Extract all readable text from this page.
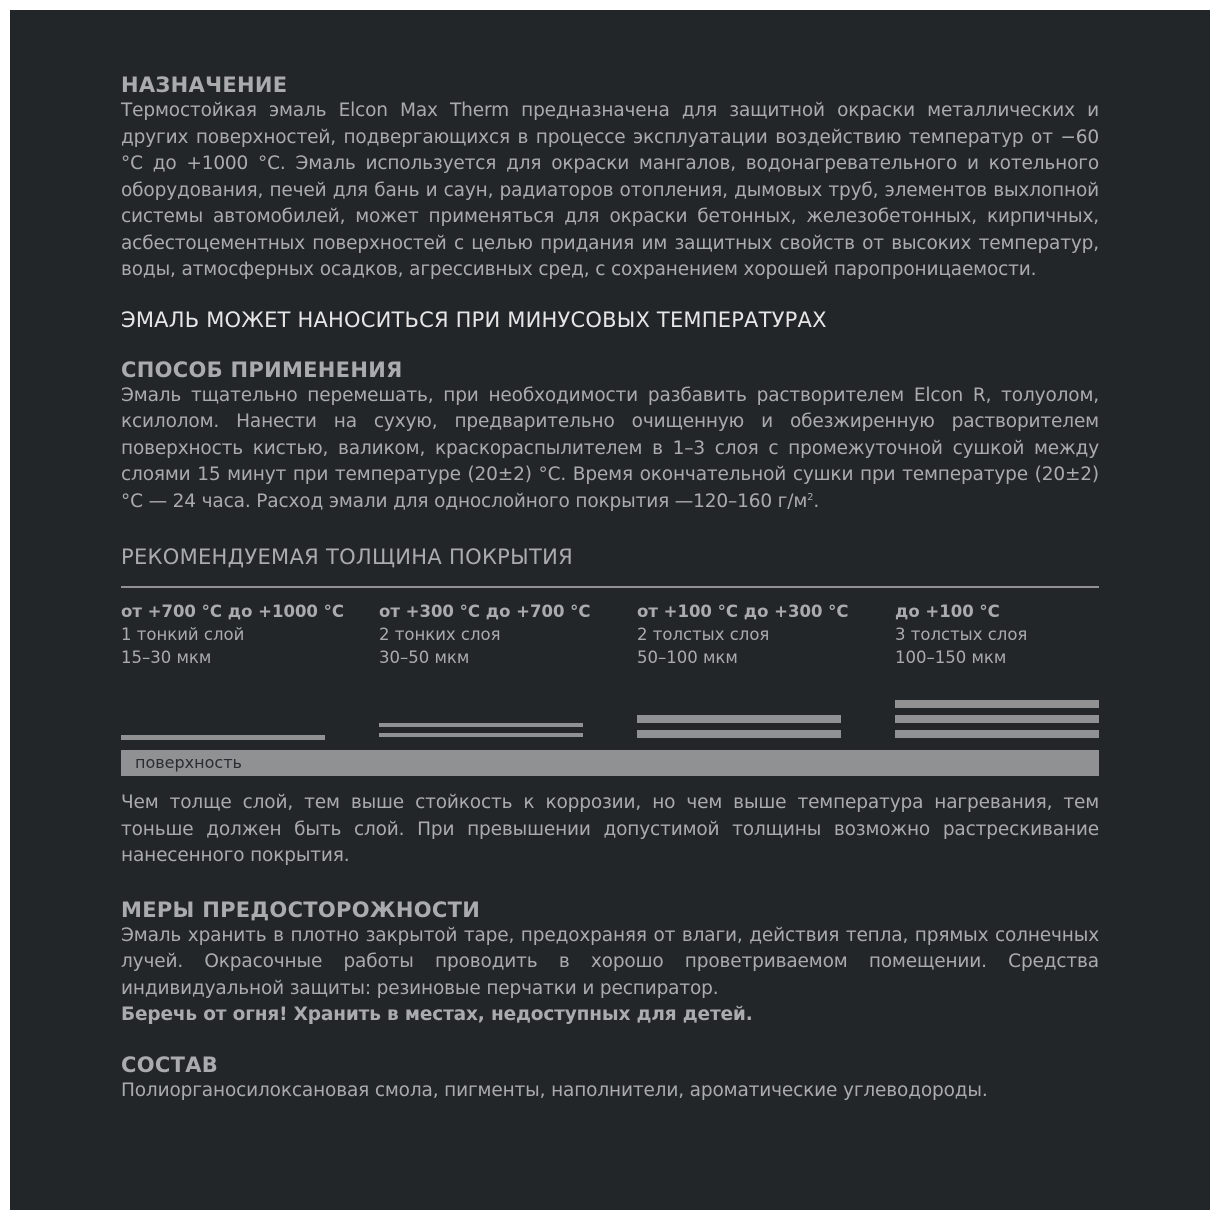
НАЗНАЧЕНИЕ

Термостойкая эмаль Elcon Max Therm предназначена для защитной окраски металлических и других поверхностей, подвергающихся в процессе эксплуатации воздействию температур от −60 °С до +1000 °С. Эмаль используется для окраски мангалов, водонагревательного и котельного оборудования, печей для бань и саун, радиаторов отопления, дымовых труб, элементов выхлопной системы автомобилей, может применяться для окраски бетонных, железобетонных, кирпичных, асбестоцементных поверхностей с целью придания им защитных свойств от высоких температур, воды, атмосферных осадков, агрессивных сред, с сохранением хорошей паропроницаемости.

ЭМАЛЬ МОЖЕТ НАНОСИТЬСЯ ПРИ МИНУСОВЫХ ТЕМПЕРАТУРАХ
СПОСОБ ПРИМЕНЕНИЯ

Эмаль тщательно перемешать, при необходимости разбавить растворителем Elcon R, толуолом, ксилолом. Нанести на сухую, предварительно очищенную и обезжиренную растворителем поверхность кистью, валиком, краскораспылителем в 1–3 слоя с промежуточной сушкой между слоями 15 минут при температуре (20±2) °С. Время окончательной сушки при температуре (20±2) °С — 24 часа. Расход эмали для однослойного покрытия —120–160 $г/м^2$.

РЕКОМЕНДУЕМАЯ ТОЛЩИНА ПОКРЫТИЯ
от +700 °С до +1000 °С
1 тонкий слой
15–30 мкм
от +300 °С до +700 °С
2 тонких слоя
30–50 мкм
от +100 °С до +300 °С
2 толстых слоя
50–100 мкм
до +100 °С
3 толстых слоя
100–150 мкм
поверхность

Чем толще слой, тем выше стойкость к коррозии, но чем выше температура нагревания, тем тоньше должен быть слой. При превышении допустимой толщины возможно растрескивание нанесенного покрытия.

МЕРЫ ПРЕДОСТОРОЖНОСТИ

Эмаль хранить в плотно закрытой таре, предохраняя от влаги, действия тепла, прямых солнечных лучей. Окрасочные работы проводить в хорошо проветриваемом помещении. Средства индивидуальной защиты: резиновые перчатки и респиратор.

Беречь от огня! Хранить в местах, недоступных для детей.

СОСТАВ

Полиорганосилоксановая смола, пигменты, наполнители, ароматические углеводороды.
